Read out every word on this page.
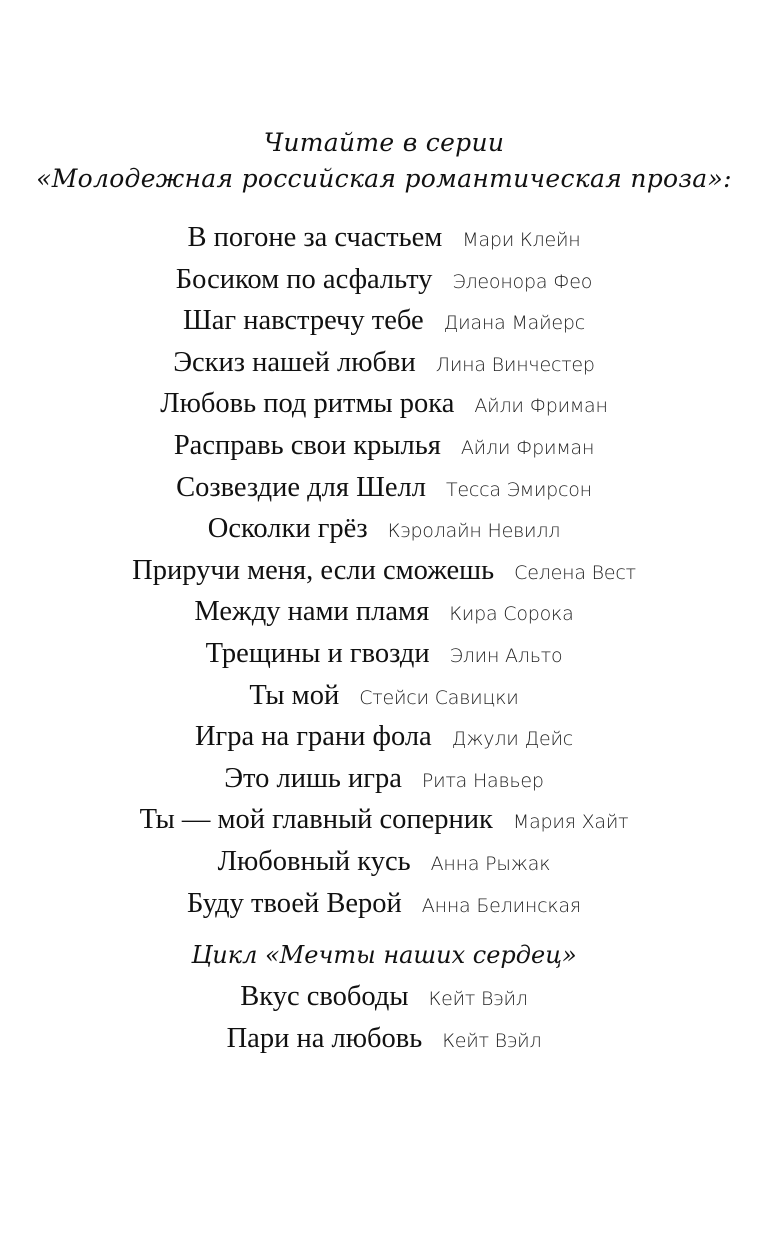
Читайте в серии
«Молодежная российская романтическая проза»:
В погоне за счастьем Мари Клейн
Босиком по асфальту Элеонора Фео
Шаг навстречу тебе Диана Майерс
Эскиз нашей любви Лина Винчестер
Любовь под ритмы рока Айли Фриман
Расправь свои крылья Айли Фриман
Созвездие для Шелл Тесса Эмирсон
Осколки грёз Кэролайн Невилл
Приручи меня, если сможешь Селена Вест
Между нами пламя Кира Сорока
Трещины и гвозди Элин Альто
Ты мой Стейси Савицки
Игра на грани фола Джули Дейс
Это лишь игра Рита Навьер
Ты — мой главный соперник Мария Хайт
Любовный кусь Анна Рыжак
Буду твоей Верой Анна Белинская
Цикл «Мечты наших сердец»
Вкус свободы Кейт Вэйл
Пари на любовь Кейт Вэйл
